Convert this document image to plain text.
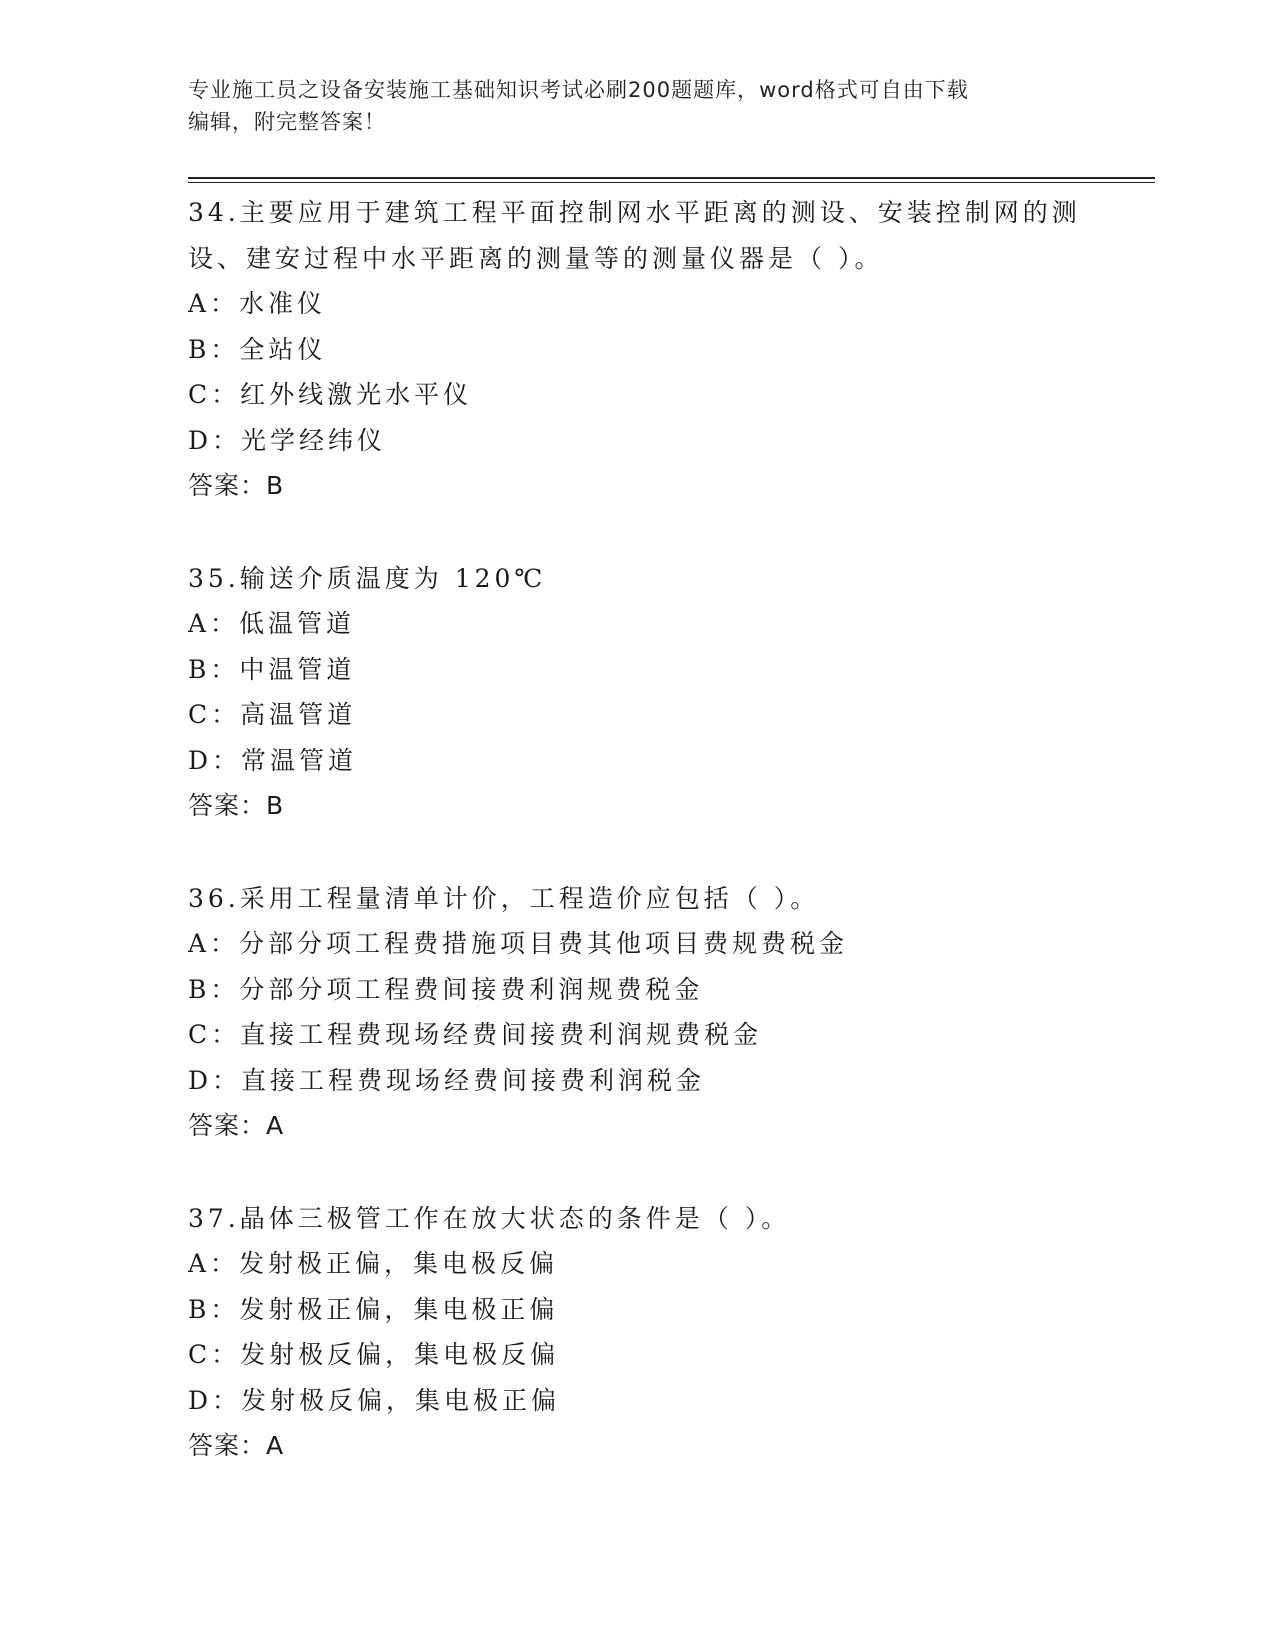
专业施工员之设备安装施工基础知识考试必刷200题题库，word格式可自由下载
编辑，附完整答案！
34.主要应用于建筑工程平面控制网水平距离的测设、安装控制网的测
设、建安过程中水平距离的测量等的测量仪器是（ ）。
A：水准仪
B：全站仪
C：红外线激光水平仪
D：光学经纬仪
答案：B
35.输送介质温度为 120℃
A：低温管道
B：中温管道
C：高温管道
D：常温管道
答案：B
36.采用工程量清单计价，工程造价应包括（ ）。
A：分部分项工程费措施项目费其他项目费规费税金
B：分部分项工程费间接费利润规费税金
C：直接工程费现场经费间接费利润规费税金
D：直接工程费现场经费间接费利润税金
答案：A
37.晶体三极管工作在放大状态的条件是（ ）。
A：发射极正偏，集电极反偏
B：发射极正偏，集电极正偏
C：发射极反偏，集电极反偏
D：发射极反偏，集电极正偏
答案：A
